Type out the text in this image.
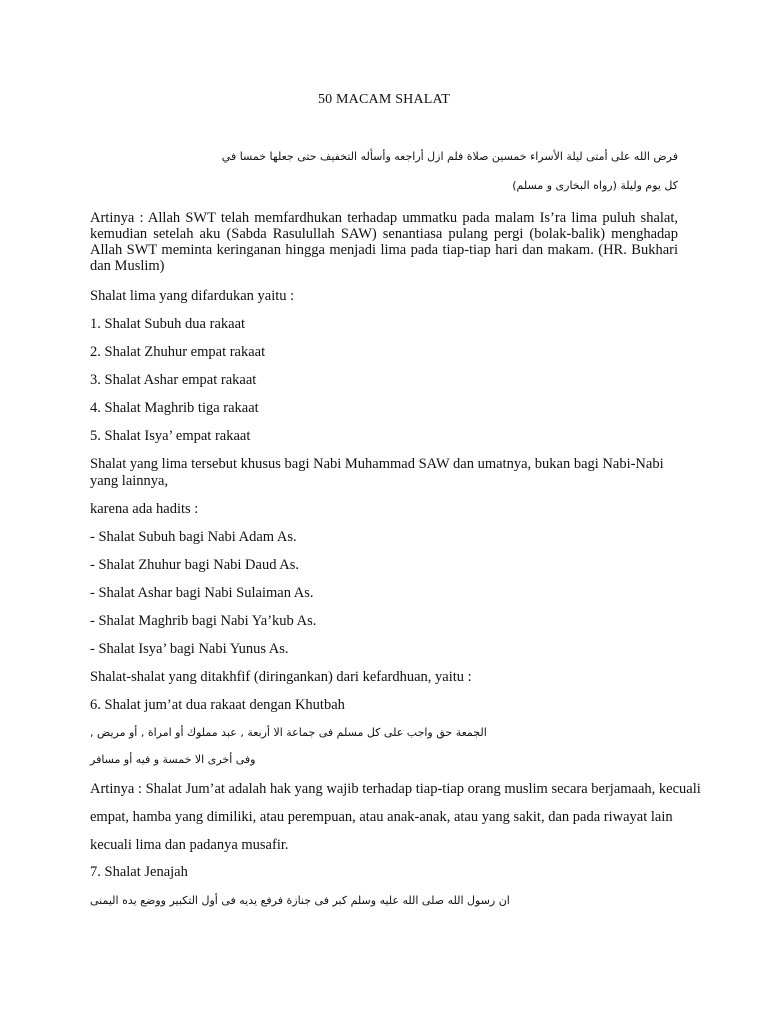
50 MACAM SHALAT
فرض الله على أمتى ليلة الأسراء خمسين صلاة فلم ازل أراجعه وأسأله التخفيف حتى جعلها خمسا في
كل يوم وليلة (رواه البخارى و مسلم)
Artinya : Allah SWT telah memfardhukan terhadap ummatku pada malam Is’ra lima puluh shalat, kemudian setelah aku (Sabda Rasulullah SAW) senantiasa pulang pergi (bolak-balik) menghadap Allah SWT meminta keringanan hingga menjadi lima pada tiap-tiap hari dan makam. (HR. Bukhari dan Muslim)
Shalat lima yang difardukan yaitu :
1. Shalat Subuh dua rakaat
2. Shalat Zhuhur empat rakaat
3. Shalat Ashar empat rakaat
4. Shalat Maghrib tiga rakaat
5. Shalat Isya’ empat rakaat
Shalat yang lima tersebut khusus bagi Nabi Muhammad SAW dan umatnya, bukan bagi Nabi-Nabi yang lainnya,
karena ada hadits :
- Shalat Subuh bagi Nabi Adam As.
- Shalat Zhuhur bagi Nabi Daud As.
- Shalat Ashar bagi Nabi Sulaiman As.
- Shalat Maghrib bagi Nabi Ya’kub As.
- Shalat Isya’ bagi Nabi Yunus As.
Shalat-shalat yang ditakhfif (diringankan) dari kefardhuan, yaitu :
6. Shalat jum’at dua rakaat dengan Khutbah
الجمعة حق واجب على كل مسلم فى جماعة الا أربعة , عبد مملوك أو امراة , أو مريض ,
وفى أخرى الا خمسة و فيه أو مسافر
Artinya : Shalat Jum’at adalah hak yang wajib terhadap tiap-tiap orang muslim secara berjamaah, kecuali
empat, hamba yang dimiliki, atau perempuan, atau anak-anak, atau yang sakit, dan pada riwayat lain
kecuali lima dan padanya musafir.
7. Shalat Jenajah
ان رسول الله صلى الله عليه وسلم كبر فى جنازة فرفع يديه فى أول التكبير ووضع يده اليمنى
